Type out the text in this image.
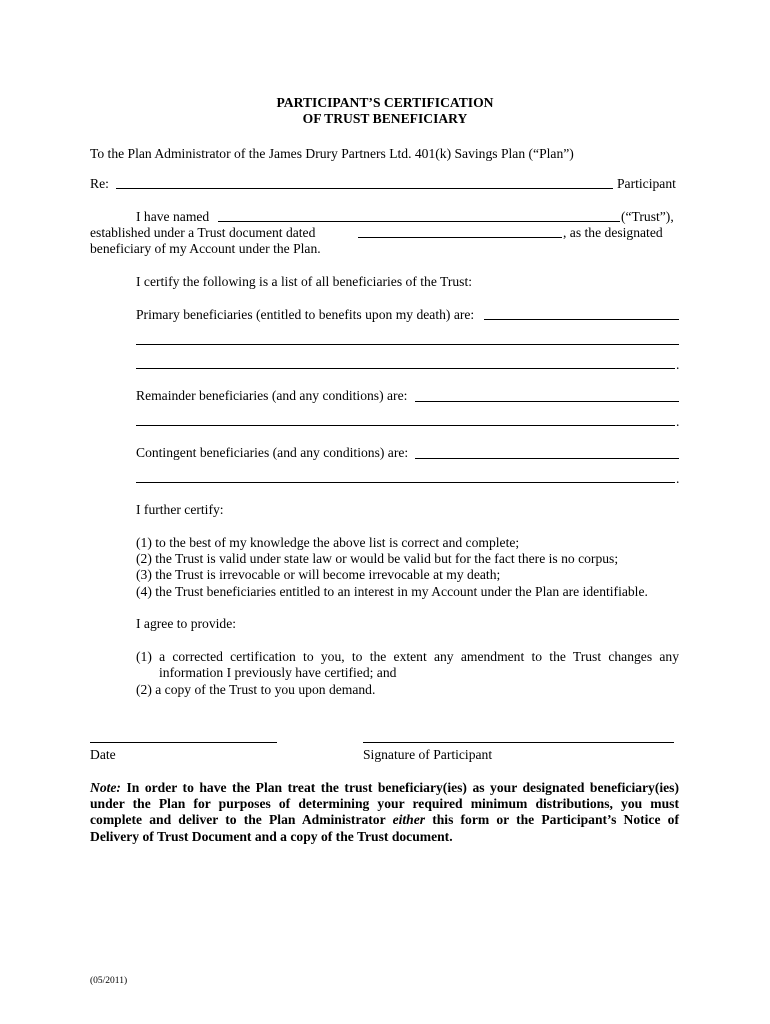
PARTICIPANT’S CERTIFICATION
OF TRUST BENEFICIARY
To the Plan Administrator of the James Drury Partners Ltd. 401(k) Savings Plan (“Plan”)
Re:	Participant
I have named	(“Trust”),
established under a Trust document dated	, as the designated
beneficiary of my Account under the Plan.
I certify the following is a list of all beneficiaries of the Trust:
Primary beneficiaries (entitled to benefits upon my death) are:
.
Remainder beneficiaries (and any conditions) are:
.
Contingent beneficiaries (and any conditions) are:
.
I further certify:
(1) to the best of my knowledge the above list is correct and complete;
(2) the Trust is valid under state law or would be valid but for the fact there is no corpus;
(3) the Trust is irrevocable or will become irrevocable at my death;
(4) the Trust beneficiaries entitled to an interest in my Account under the Plan are identifiable.
I agree to provide:
(1) a corrected certification to you, to the extent any amendment to the Trust changes any
information I previously have certified; and
(2) a copy of the Trust to you upon demand.
Date	Signature of Participant
Note: In order to have the Plan treat the trust beneficiary(ies) as your designated beneficiary(ies)
under the Plan for purposes of determining your required minimum distributions, you must
complete and deliver to the Plan Administrator either this form or the Participant’s Notice of
Delivery of Trust Document and a copy of the Trust document.
(05/2011)
